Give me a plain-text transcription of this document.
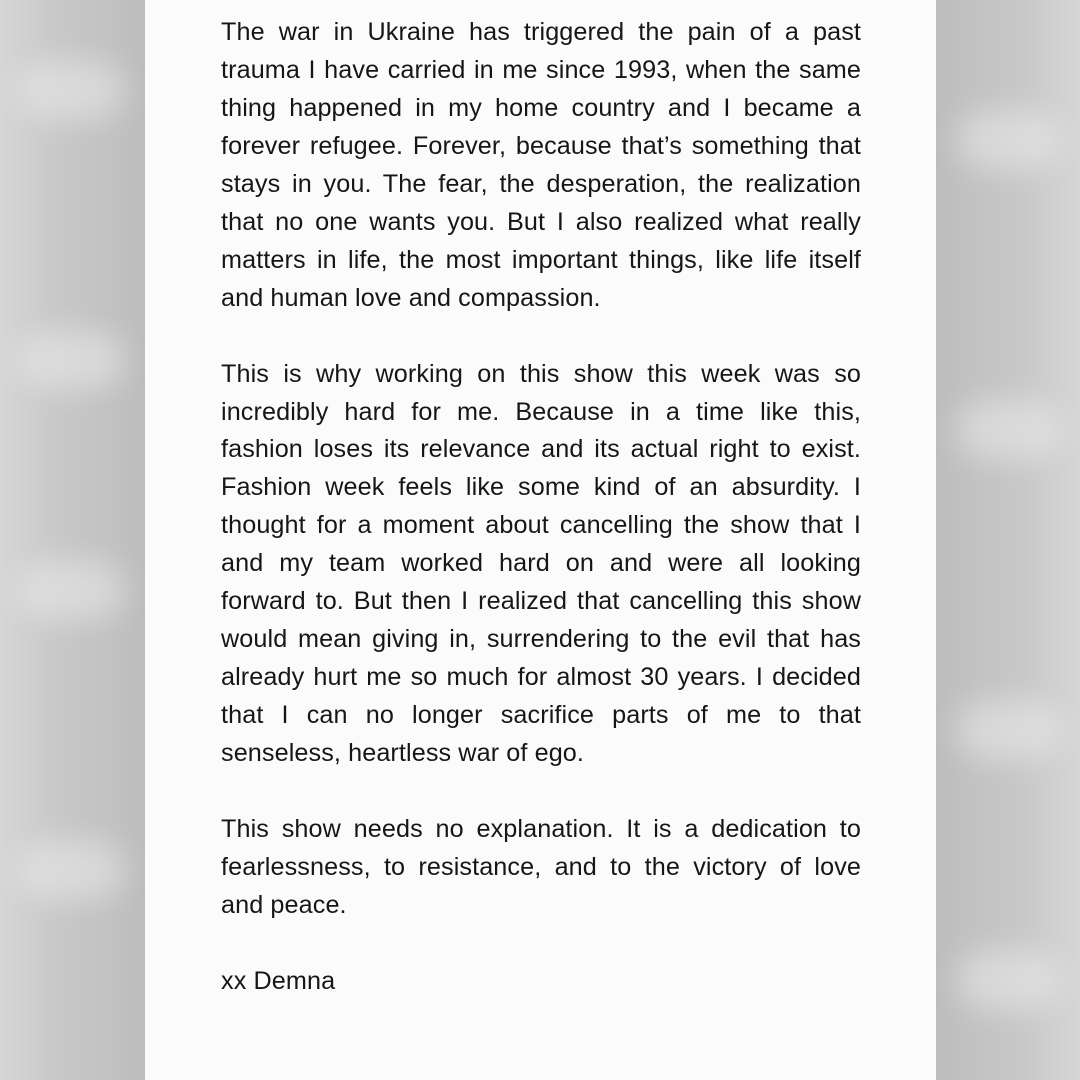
The war in Ukraine has triggered the pain of a past trauma I have carried in me since 1993, when the same thing happened in my home country and I became a forever refugee. Forever, because that’s something that stays in you. The fear, the desperation, the realization that no one wants you. But I also realized what really matters in life, the most important things, like life itself and human love and compassion.

This is why working on this show this week was so incredibly hard for me. Because in a time like this, fashion loses its relevance and its actual right to exist. Fashion week feels like some kind of an absurdity. I thought for a moment about cancelling the show that I and my team worked hard on and were all looking forward to. But then I realized that cancelling this show would mean giving in, surrendering to the evil that has already hurt me so much for almost 30 years. I decided that I can no longer sacrifice parts of me to that senseless, heartless war of ego.

This show needs no explanation. It is a dedication to fearlessness, to resistance, and to the victory of love and peace.

xx Demna
